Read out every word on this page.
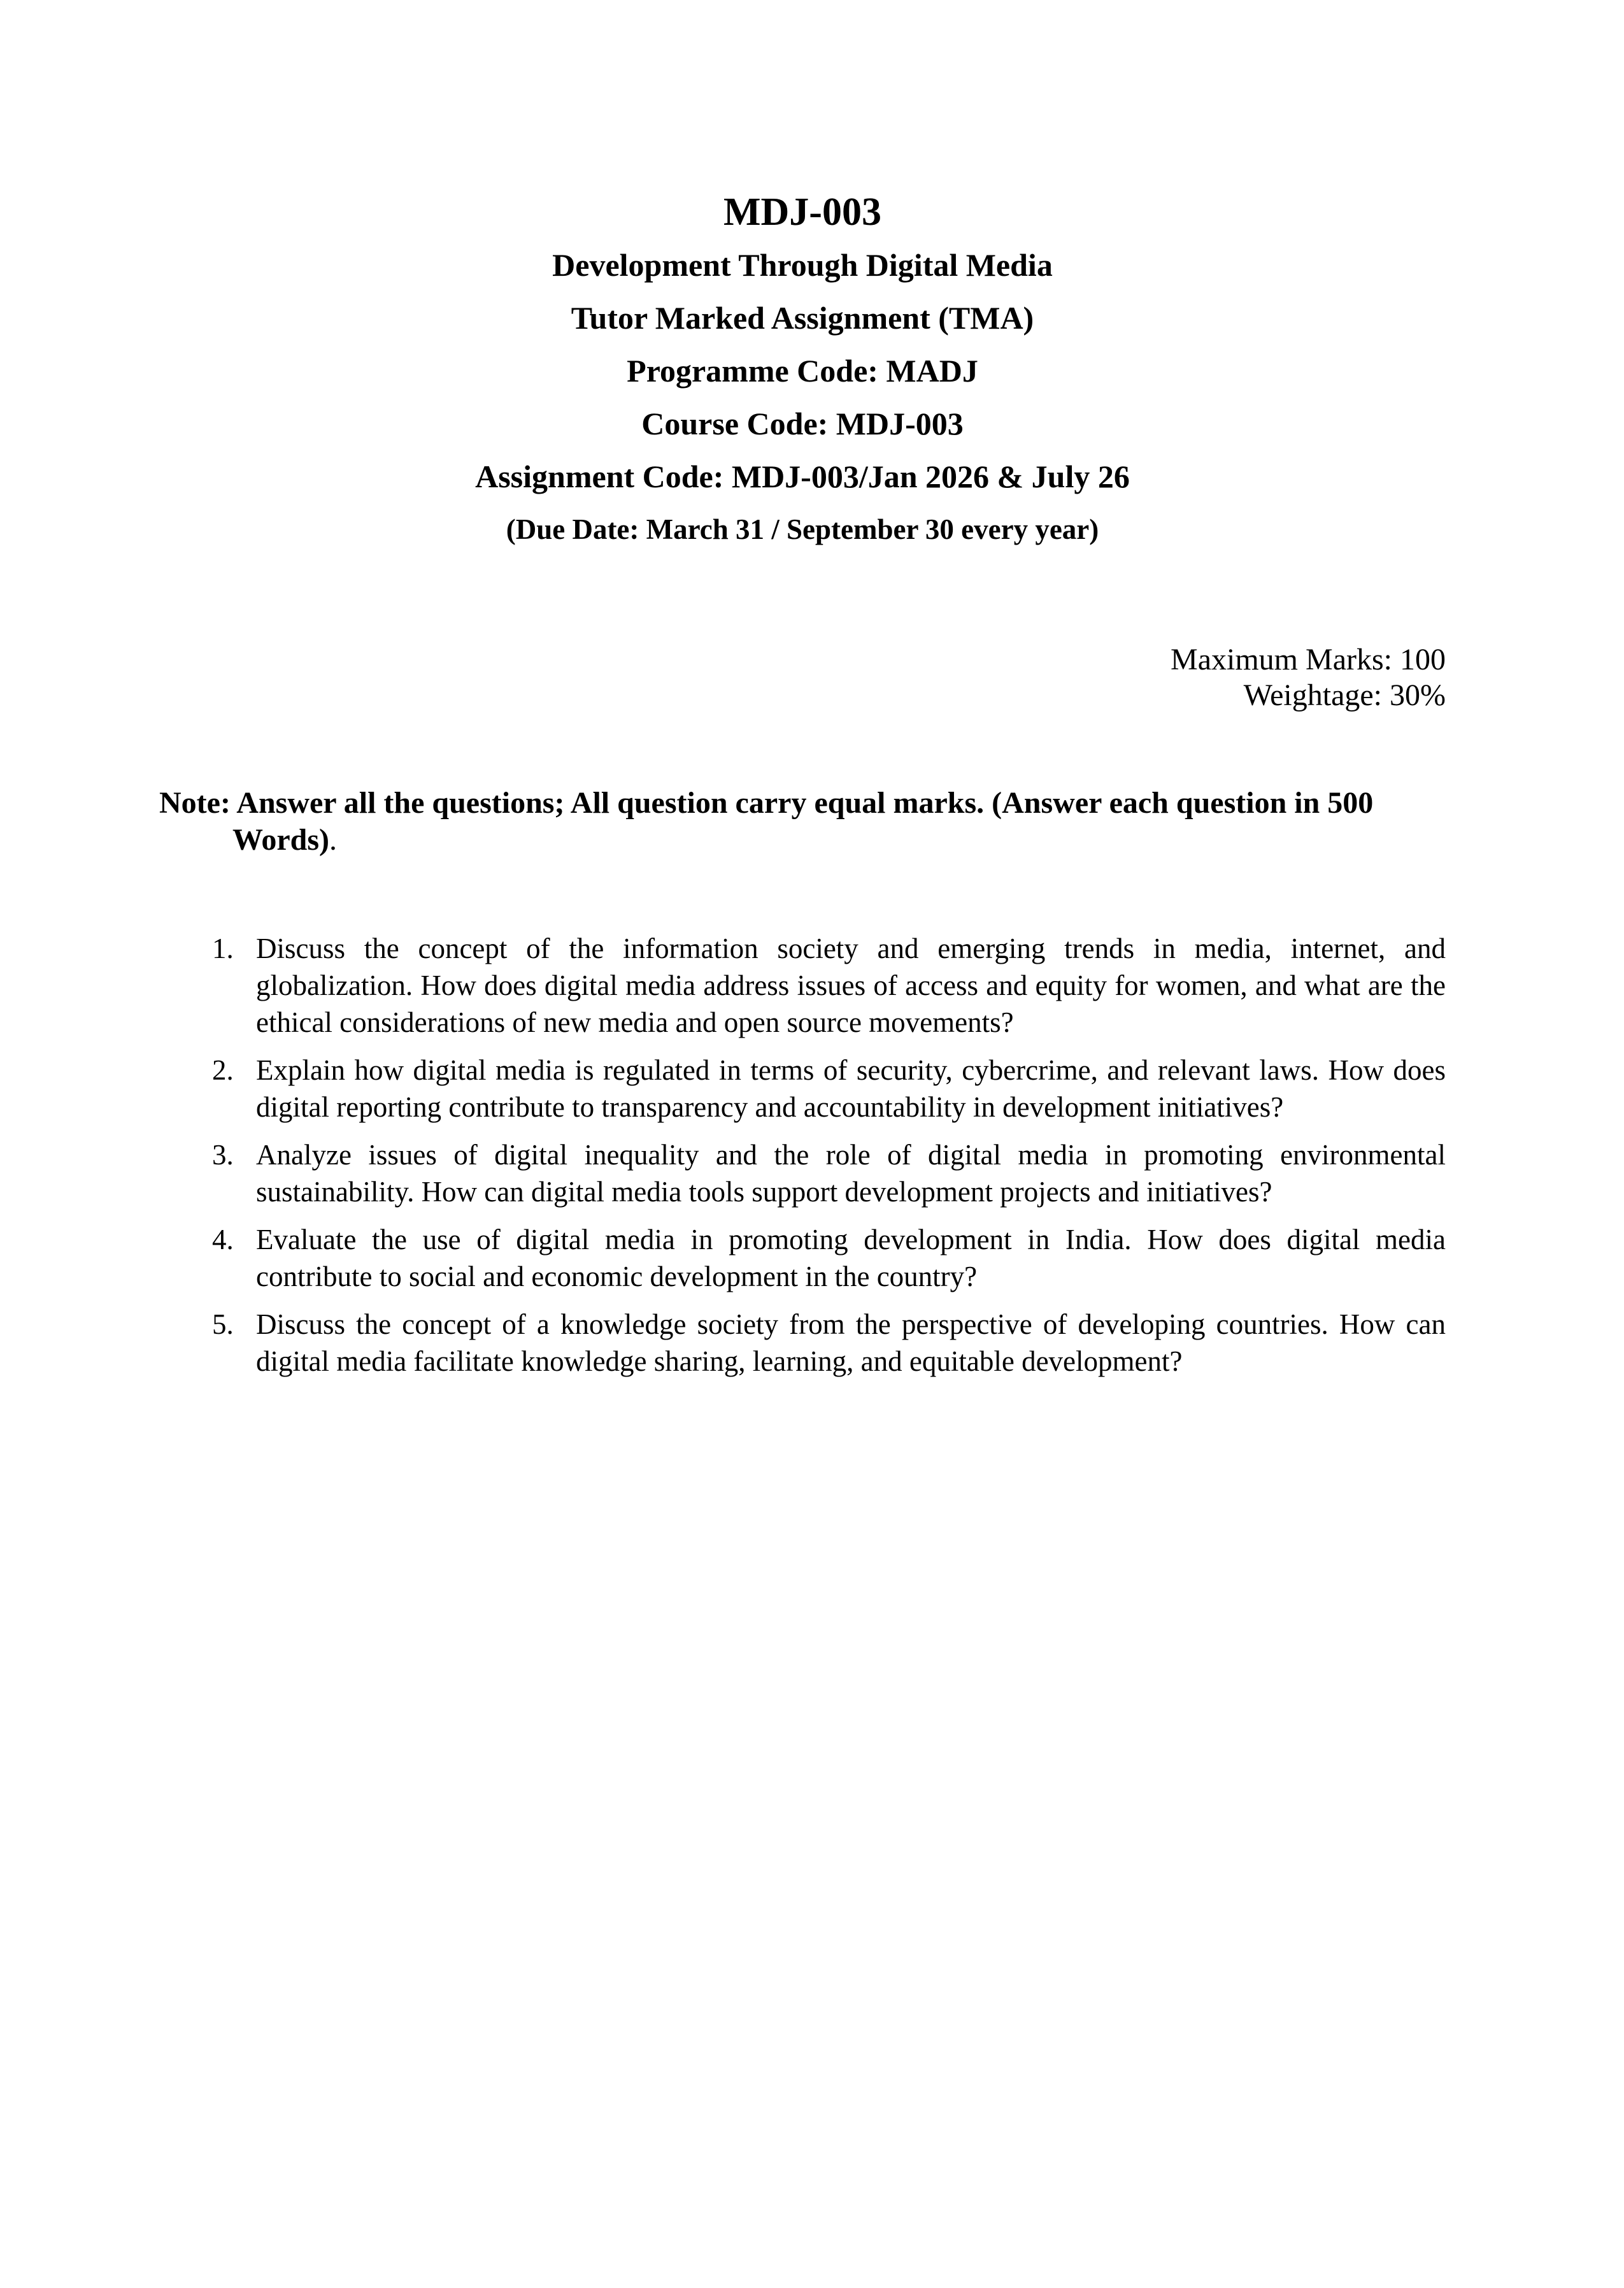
MDJ-003
Development Through Digital Media
Tutor Marked Assignment (TMA)
Programme Code: MADJ
Course Code: MDJ-003
Assignment Code: MDJ-003/Jan 2026 & July 26
(Due Date: March 31 / September 30 every year)
Maximum Marks: 100
Weightage: 30%

Note: Answer all the questions; All question carry equal marks. (Answer each question in 500 Words).

1. Discuss the concept of the information society and emerging trends in media, internet, and globalization. How does digital media address issues of access and equity for women, and what are the ethical considerations of new media and open source movements?
2. Explain how digital media is regulated in terms of security, cybercrime, and relevant laws. How does digital reporting contribute to transparency and accountability in development initiatives?
3. Analyze issues of digital inequality and the role of digital media in promoting environmental sustainability. How can digital media tools support development projects and initiatives?
4. Evaluate the use of digital media in promoting development in India. How does digital media contribute to social and economic development in the country?
5. Discuss the concept of a knowledge society from the perspective of developing countries. How can digital media facilitate knowledge sharing, learning, and equitable development?
